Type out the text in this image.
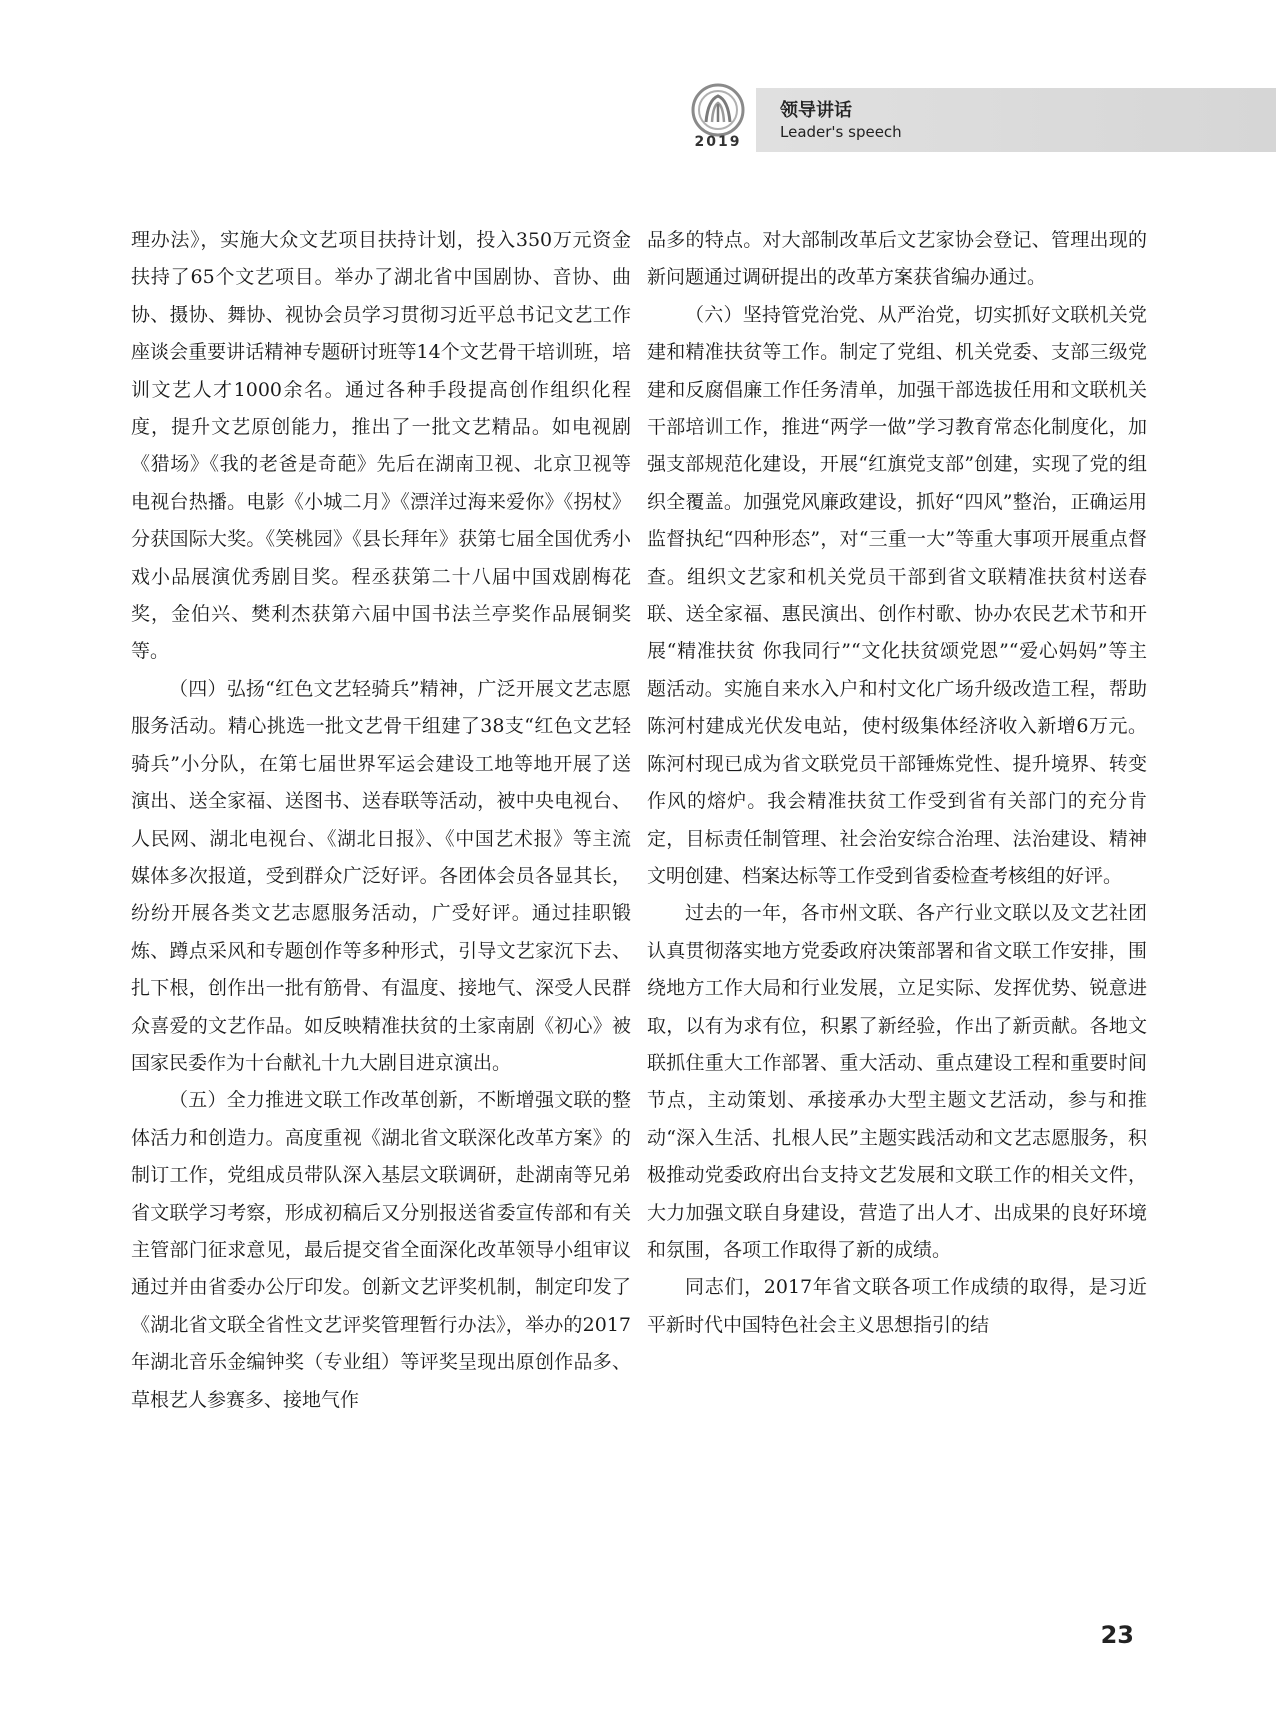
2019
领导讲话
Leader's speech

理办法》，实施大众文艺项目扶持计划，投入350万元资金扶持了65个文艺项目。举办了湖北省中国剧协、音协、曲协、摄协、舞协、视协会员学习贯彻习近平总书记文艺工作座谈会重要讲话精神专题研讨班等14个文艺骨干培训班，培训文艺人才1000余名。通过各种手段提高创作组织化程度，提升文艺原创能力，推出了一批文艺精品。如电视剧《猎场》《我的老爸是奇葩》先后在湖南卫视、北京卫视等电视台热播。电影《小城二月》《漂洋过海来爱你》《拐杖》分获国际大奖。《笑桃园》《县长拜年》获第七届全国优秀小戏小品展演优秀剧目奖。程丞获第二十八届中国戏剧梅花奖，金伯兴、樊利杰获第六届中国书法兰亭奖作品展铜奖等。

（四）弘扬“红色文艺轻骑兵”精神，广泛开展文艺志愿服务活动。精心挑选一批文艺骨干组建了38支“红色文艺轻骑兵”小分队，在第七届世界军运会建设工地等地开展了送演出、送全家福、送图书、送春联等活动，被中央电视台、人民网、湖北电视台、《湖北日报》、《中国艺术报》等主流媒体多次报道，受到群众广泛好评。各团体会员各显其长，纷纷开展各类文艺志愿服务活动，广受好评。通过挂职锻炼、蹲点采风和专题创作等多种形式，引导文艺家沉下去、扎下根，创作出一批有筋骨、有温度、接地气、深受人民群众喜爱的文艺作品。如反映精准扶贫的土家南剧《初心》被国家民委作为十台献礼十九大剧目进京演出。

（五）全力推进文联工作改革创新，不断增强文联的整体活力和创造力。高度重视《湖北省文联深化改革方案》的制订工作，党组成员带队深入基层文联调研，赴湖南等兄弟省文联学习考察，形成初稿后又分别报送省委宣传部和有关主管部门征求意见，最后提交省全面深化改革领导小组审议通过并由省委办公厅印发。创新文艺评奖机制，制定印发了《湖北省文联全省性文艺评奖管理暂行办法》，举办的2017年湖北音乐金编钟奖（专业组）等评奖呈现出原创作品多、草根艺人参赛多、接地气作

品多的特点。对大部制改革后文艺家协会登记、管理出现的新问题通过调研提出的改革方案获省编办通过。

（六）坚持管党治党、从严治党，切实抓好文联机关党建和精准扶贫等工作。制定了党组、机关党委、支部三级党建和反腐倡廉工作任务清单，加强干部选拔任用和文联机关干部培训工作，推进“两学一做”学习教育常态化制度化，加强支部规范化建设，开展“红旗党支部”创建，实现了党的组织全覆盖。加强党风廉政建设，抓好“四风”整治，正确运用监督执纪“四种形态”，对“三重一大”等重大事项开展重点督查。组织文艺家和机关党员干部到省文联精准扶贫村送春联、送全家福、惠民演出、创作村歌、协办农民艺术节和开展“精准扶贫 你我同行”“文化扶贫颂党恩”“爱心妈妈”等主题活动。实施自来水入户和村文化广场升级改造工程，帮助陈河村建成光伏发电站，使村级集体经济收入新增6万元。陈河村现已成为省文联党员干部锤炼党性、提升境界、转变作风的熔炉。我会精准扶贫工作受到省有关部门的充分肯定，目标责任制管理、社会治安综合治理、法治建设、精神文明创建、档案达标等工作受到省委检查考核组的好评。

过去的一年，各市州文联、各产行业文联以及文艺社团认真贯彻落实地方党委政府决策部署和省文联工作安排，围绕地方工作大局和行业发展，立足实际、发挥优势、锐意进取，以有为求有位，积累了新经验，作出了新贡献。各地文联抓住重大工作部署、重大活动、重点建设工程和重要时间节点，主动策划、承接承办大型主题文艺活动，参与和推动“深入生活、扎根人民”主题实践活动和文艺志愿服务，积极推动党委政府出台支持文艺发展和文联工作的相关文件，大力加强文联自身建设，营造了出人才、出成果的良好环境和氛围，各项工作取得了新的成绩。

同志们，2017年省文联各项工作成绩的取得，是习近平新时代中国特色社会主义思想指引的结

23
